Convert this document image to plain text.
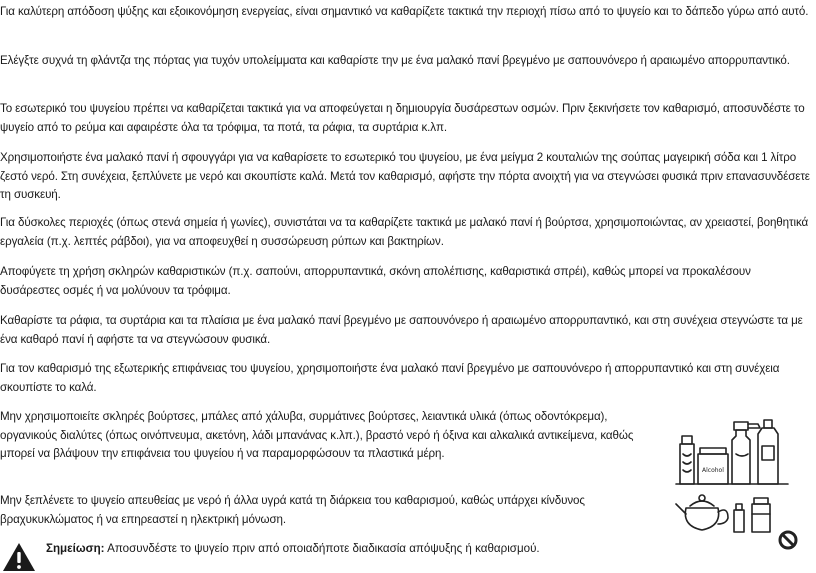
Για καλύτερη απόδοση ψύξης και εξοικονόμηση ενεργείας, είναι σημαντικό να καθαρίζετε τακτικά την περιοχή πίσω από το ψυγείο και το δάπεδο γύρω από αυτό.

Ελέγξτε συχνά τη φλάντζα της πόρτας για τυχόν υπολείμματα και καθαρίστε την με ένα μαλακό πανί βρεγμένο με σαπουνόνερο ή αραιωμένο απορρυπαντικό.

Το εσωτερικό του ψυγείου πρέπει να καθαρίζεται τακτικά για να αποφεύγεται η δημιουργία δυσάρεστων οσμών. Πριν ξεκινήσετε τον καθαρισμό, αποσυνδέστε το ψυγείο από το ρεύμα και αφαιρέστε όλα τα τρόφιμα, τα ποτά, τα ράφια, τα συρτάρια κ.λπ.

Χρησιμοποιήστε ένα μαλακό πανί ή σφουγγάρι για να καθαρίσετε το εσωτερικό του ψυγείου, με ένα μείγμα 2 κουταλιών της σούπας μαγειρική σόδα και 1 λίτρο ζεστό νερό. Στη συνέχεια, ξεπλύνετε με νερό και σκουπίστε καλά. Μετά τον καθαρισμό, αφήστε την πόρτα ανοιχτή για να στεγνώσει φυσικά πριν επανασυνδέσετε τη συσκευή.

Για δύσκολες περιοχές (όπως στενά σημεία ή γωνίες), συνιστάται να τα καθαρίζετε τακτικά με μαλακό πανί ή βούρτσα, χρησιμοποιώντας, αν χρειαστεί, βοηθητικά εργαλεία (π.χ. λεπτές ράβδοι), για να αποφευχθεί η συσσώρευση ρύπων και βακτηρίων.

Αποφύγετε τη χρήση σκληρών καθαριστικών (π.χ. σαπούνι, απορρυπαντικά, σκόνη απολέπισης, καθαριστικά σπρέι), καθώς μπορεί να προκαλέσουν δυσάρεστες οσμές ή να μολύνουν τα τρόφιμα.

Καθαρίστε τα ράφια, τα συρτάρια και τα πλαίσια με ένα μαλακό πανί βρεγμένο με σαπουνόνερο ή αραιωμένο απορρυπαντικό, και στη συνέχεια στεγνώστε τα με ένα καθαρό πανί ή αφήστε τα να στεγνώσουν φυσικά.

Για τον καθαρισμό της εξωτερικής επιφάνειας του ψυγείου, χρησιμοποιήστε ένα μαλακό πανί βρεγμένο με σαπουνόνερο ή απορρυπαντικό και στη συνέχεια σκουπίστε το καλά.

Μην χρησιμοποιείτε σκληρές βούρτσες, μπάλες από χάλυβα, συρμάτινες βούρτσες, λειαντικά υλικά (όπως οδοντόκρεμα), οργανικούς διαλύτες (όπως οινόπνευμα, ακετόνη, λάδι μπανάνας κ.λπ.), βραστό νερό ή όξινα και αλκαλικά αντικείμενα, καθώς μπορεί να βλάψουν την επιφάνεια του ψυγείου ή να παραμορφώσουν τα πλαστικά μέρη.

Μην ξεπλένετε το ψυγείο απευθείας με νερό ή άλλα υγρά κατά τη διάρκεια του καθαρισμού, καθώς υπάρχει κίνδυνος βραχυκυκλώματος ή να επηρεαστεί η ηλεκτρική μόνωση.

Alcohol
Σημείωση: Αποσυνδέστε το ψυγείο πριν από οποιαδήποτε διαδικασία απόψυξης ή καθαρισμού.
